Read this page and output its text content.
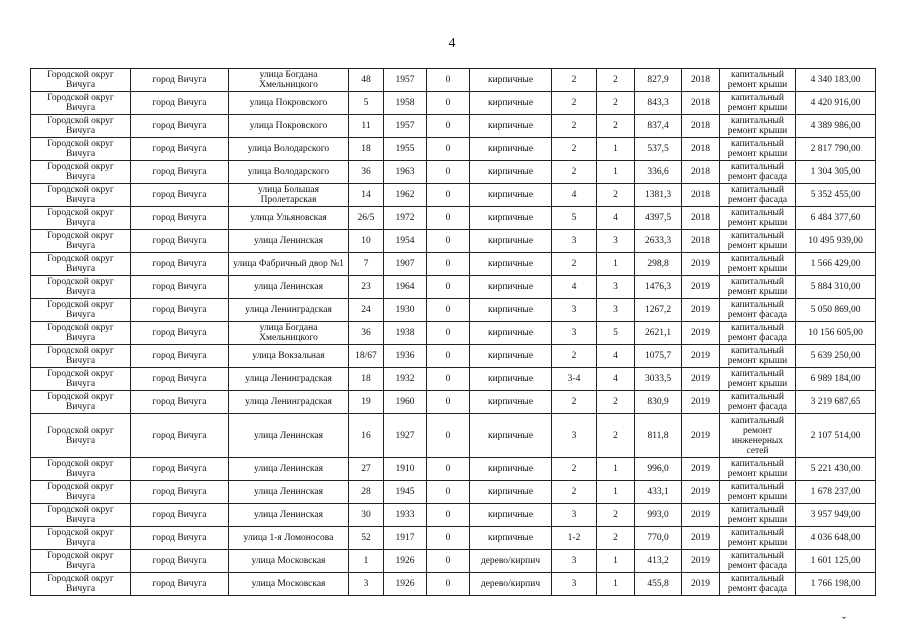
4
Городской округ Вичуга	город Вичуга	улица Богдана Хмельницкого	48	1957	0	кирпичные	2	2	827,9	2018	капитальный ремонт крыши	4 340 183,00
Городской округ Вичуга	город Вичуга	улица Покровского	5	1958	0	кирпичные	2	2	843,3	2018	капитальный ремонт крыши	4 420 916,00
Городской округ Вичуга	город Вичуга	улица Покровского	11	1957	0	кирпичные	2	2	837,4	2018	капитальный ремонт крыши	4 389 986,00
Городской округ Вичуга	город Вичуга	улица Володарского	18	1955	0	кирпичные	2	1	537,5	2018	капитальный ремонт крыши	2 817 790,00
Городской округ Вичуга	город Вичуга	улица Володарского	36	1963	0	кирпичные	2	1	336,6	2018	капитальный ремонт фасада	1 304 305,00
Городской округ Вичуга	город Вичуга	улица Большая Пролетарская	14	1962	0	кирпичные	4	2	1381,3	2018	капитальный ремонт фасада	5 352 455,00
Городской округ Вичуга	город Вичуга	улица Ульяновская	26/5	1972	0	кирпичные	5	4	4397,5	2018	капитальный ремонт крыши	6 484 377,60
Городской округ Вичуга	город Вичуга	улица Ленинская	10	1954	0	кирпичные	3	3	2633,3	2018	капитальный ремонт крыши	10 495 939,00
Городской округ Вичуга	город Вичуга	улица Фабричный двор №1	7	1907	0	кирпичные	2	1	298,8	2019	капитальный ремонт крыши	1 566 429,00
Городской округ Вичуга	город Вичуга	улица Ленинская	23	1964	0	кирпичные	4	3	1476,3	2019	капитальный ремонт крыши	5 884 310,00
Городской округ Вичуга	город Вичуга	улица Ленинградская	24	1930	0	кирпичные	3	3	1267,2	2019	капитальный ремонт фасада	5 050 869,00
Городской округ Вичуга	город Вичуга	улица Богдана Хмельницкого	36	1938	0	кирпичные	3	5	2621,1	2019	капитальный ремонт фасада	10 156 605,00
Городской округ Вичуга	город Вичуга	улица Вокзальная	18/67	1936	0	кирпичные	2	4	1075,7	2019	капитальный ремонт крыши	5 639 250,00
Городской округ Вичуга	город Вичуга	улица Ленинградская	18	1932	0	кирпичные	3-4	4	3033,5	2019	капитальный ремонт крыши	6 989 184,00
Городской округ Вичуга	город Вичуга	улица Ленинградская	19	1960	0	кирпичные	2	2	830,9	2019	капитальный ремонт фасада	3 219 687,65
Городской округ Вичуга	город Вичуга	улица Ленинская	16	1927	0	кирпичные	3	2	811,8	2019	капитальный ремонт инженерных сетей	2 107 514,00
Городской округ Вичуга	город Вичуга	улица Ленинская	27	1910	0	кирпичные	2	1	996,0	2019	капитальный ремонт крыши	5 221 430,00
Городской округ Вичуга	город Вичуга	улица Ленинская	28	1945	0	кирпичные	2	1	433,1	2019	капитальный ремонт крыши	1 678 237,00
Городской округ Вичуга	город Вичуга	улица Ленинская	30	1933	0	кирпичные	3	2	993,0	2019	капитальный ремонт крыши	3 957 949,00
Городской округ Вичуга	город Вичуга	улица 1-я Ломоносова	52	1917	0	кирпичные	1-2	2	770,0	2019	капитальный ремонт крыши	4 036 648,00
Городской округ Вичуга	город Вичуга	улица Московская	1	1926	0	дерево/кирпич	3	1	413,2	2019	капитальный ремонт фасада	1 601 125,00
Городской округ Вичуга	город Вичуга	улица Московская	3	1926	0	дерево/кирпич	3	1	455,8	2019	капитальный ремонт фасада	1 766 198,00
ˇ
